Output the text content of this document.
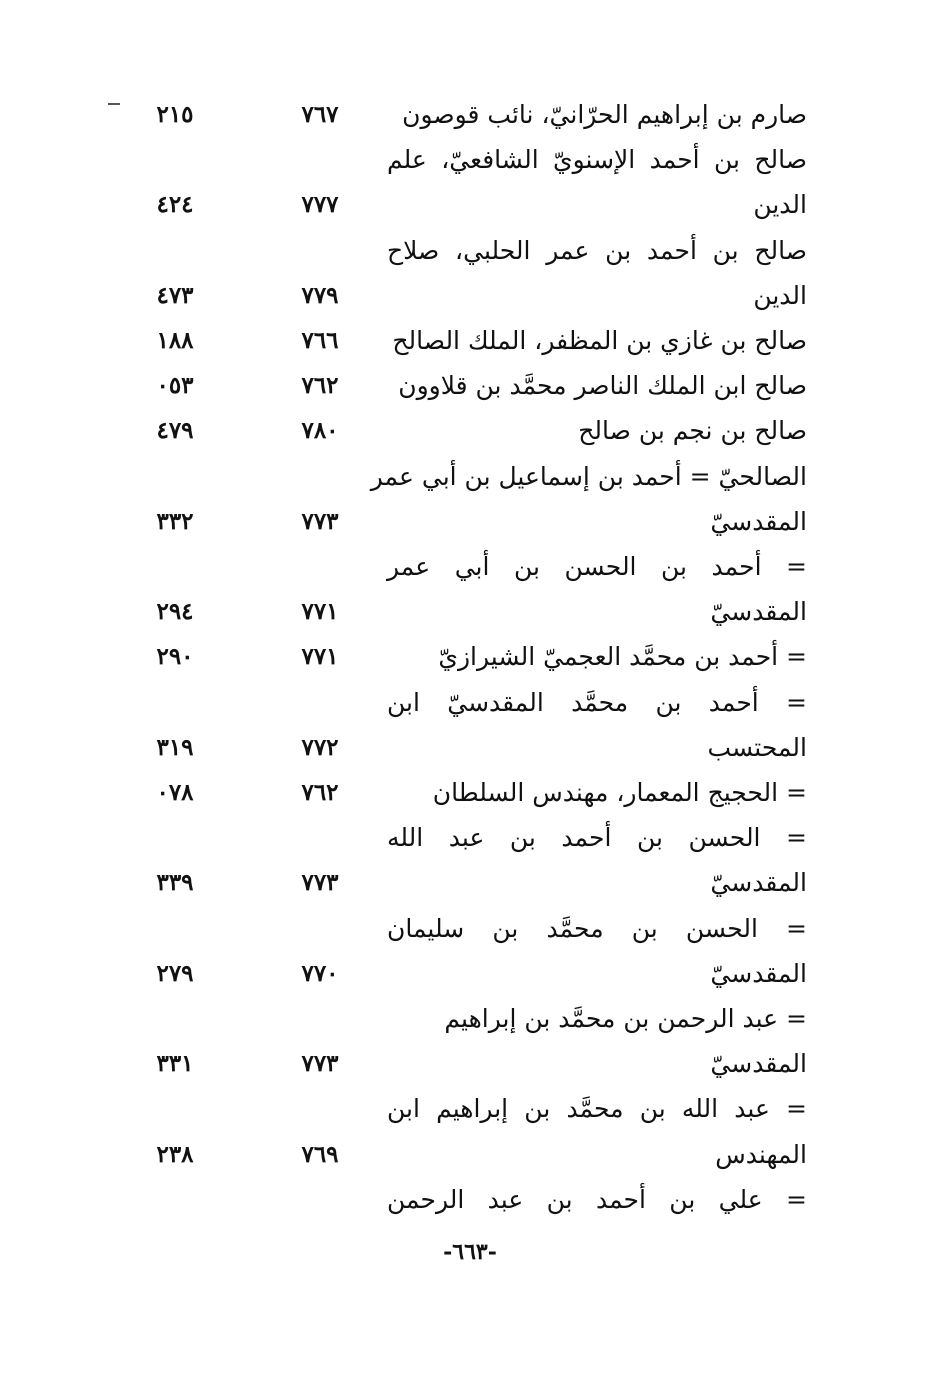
صارم بن إبراهيم الحرّانيّ، نائب قوصون
٧٦٧
٢١٥
صالح بن أحمد الإسنويّ الشافعيّ، علم
الدين
٧٧٧
٤٢٤
صالح بن أحمد بن عمر الحلبي، صلاح
الدين
٧٧٩
٤٧٣
صالح بن غازي بن المظفر، الملك الصالح
٧٦٦
١٨٨
صالح ابن الملك الناصر محمَّد بن قلاوون
٧٦٢
٠٥٣
صالح بن نجم بن صالح
٧٨٠
٤٧٩
الصالحيّ = أحمد بن إسماعيل بن أبي عمر
المقدسيّ
٧٧٣
٣٣٢
= أحمد بن الحسن بن أبي عمر
المقدسيّ
٧٧١
٢٩٤
= أحمد بن محمَّد العجميّ الشيرازيّ
٧٧١
٢٩٠
= أحمد بن محمَّد المقدسيّ ابن
المحتسب
٧٧٢
٣١٩
= الحجيج المعمار، مهندس السلطان
٧٦٢
٠٧٨
= الحسن بن أحمد بن عبد الله
المقدسيّ
٧٧٣
٣٣٩
= الحسن بن محمَّد بن سليمان
المقدسيّ
٧٧٠
٢٧٩
= عبد الرحمن بن محمَّد بن إبراهيم
المقدسيّ
٧٧٣
٣٣١
= عبد الله بن محمَّد بن إبراهيم ابن
المهندس
٧٦٩
٢٣٨
= علي بن أحمد بن عبد الرحمن
-٦٦٣-
